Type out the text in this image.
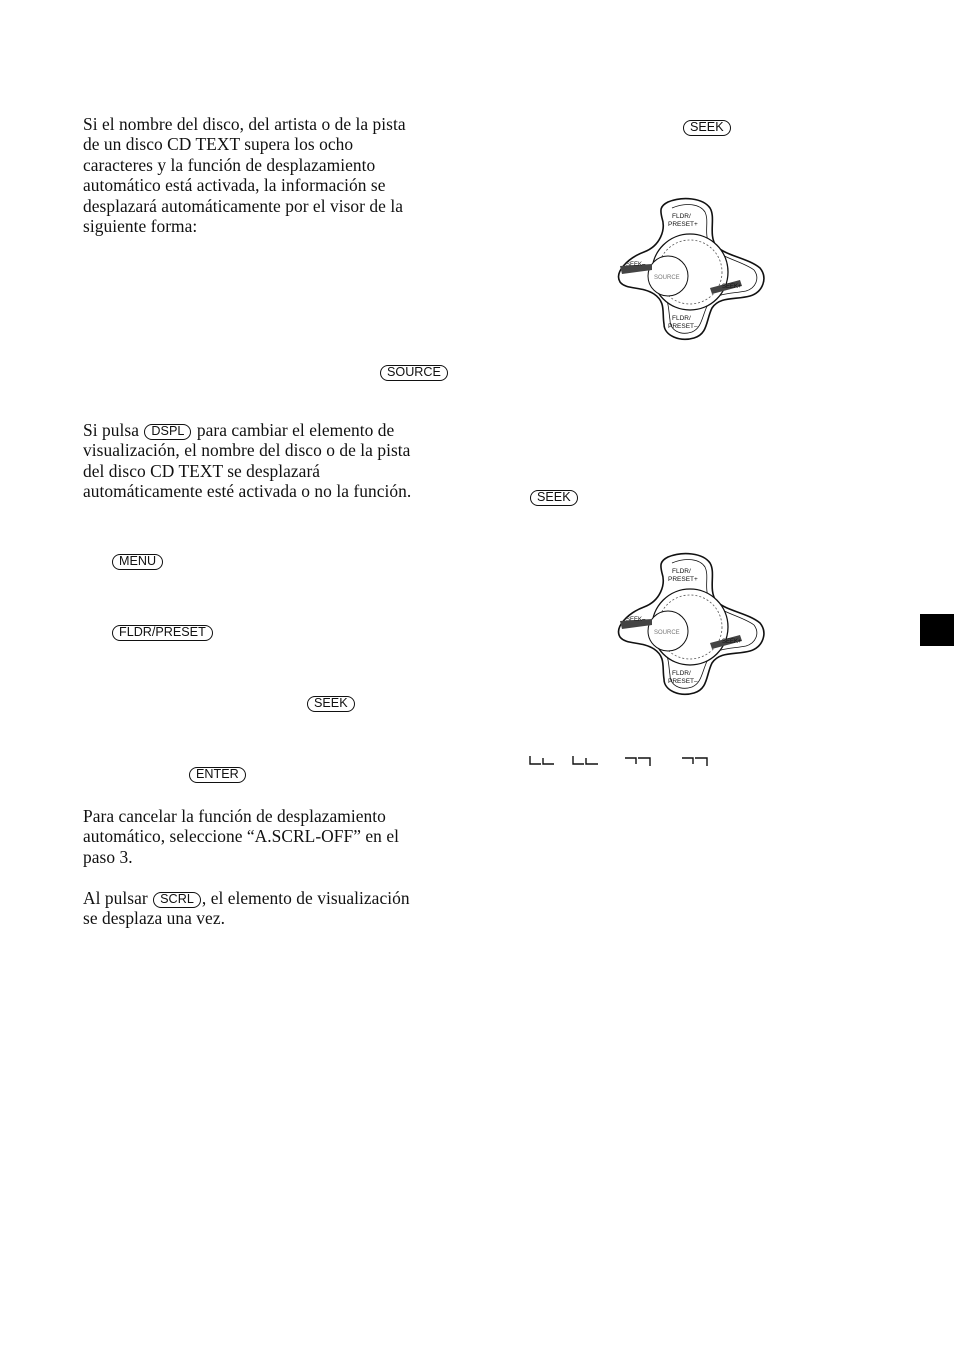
Si el nombre del disco, del artista o de la pista
de un disco CD TEXT supera los ocho
caracteres y la función de desplazamiento
automático está activada, la información se
desplazará automáticamente por el visor de la
siguiente forma:
SOURCE
Si pulsa DSPL para cambiar el elemento de
visualización, el nombre del disco o de la pista
del disco CD TEXT se desplazará
automáticamente esté activada o no la función.
MENU
FLDR/PRESET
SEEK
ENTER
Para cancelar la función de desplazamiento
automático, seleccione “A.SCRL-OFF” en el
paso 3.
Al pulsar SCRL , el elemento de visualización
se desplaza una vez.
SEEK
FLDR/
PRESET+
SEEK–
SEEK+
SOURCE
FLDR/
PRESET–
SEEK
FLDR/
PRESET+
SEEK–
SEEK+
SOURCE
FLDR/
PRESET–
